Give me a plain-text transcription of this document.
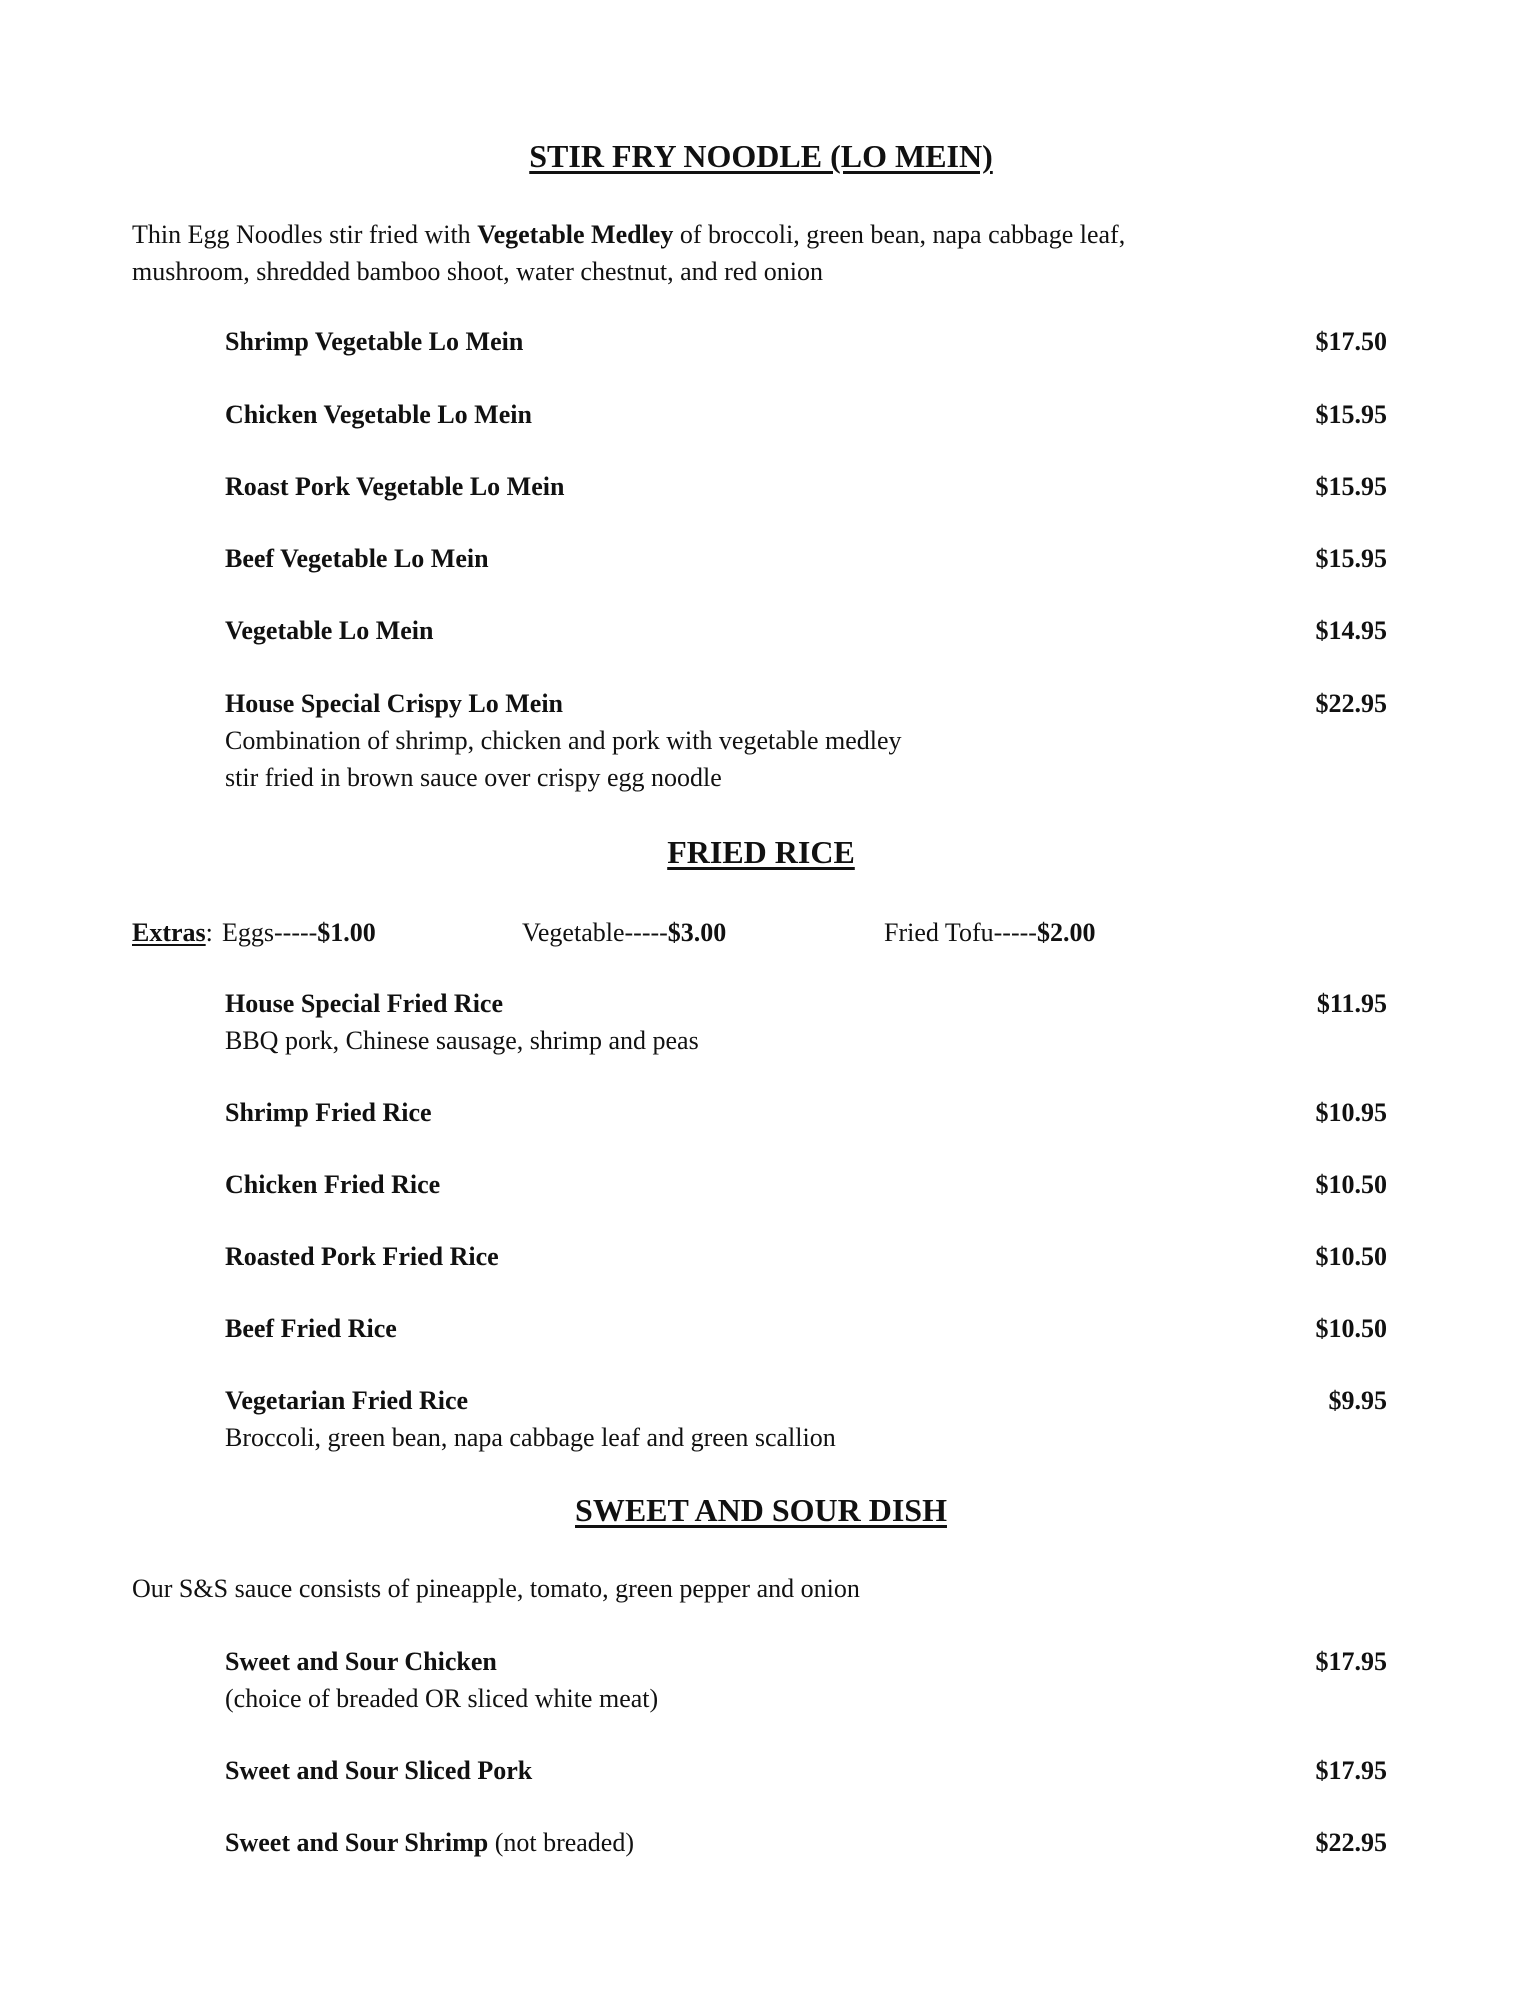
STIR FRY NOODLE (LO MEIN)
Thin Egg Noodles stir fried with Vegetable Medley of broccoli, green bean, napa cabbage leaf,
mushroom, shredded bamboo shoot, water chestnut, and red onion
Shrimp Vegetable Lo Mein	$17.50
Chicken Vegetable Lo Mein	$15.95
Roast Pork Vegetable Lo Mein	$15.95
Beef Vegetable Lo Mein	$15.95
Vegetable Lo Mein	$14.95
House Special Crispy Lo Mein	$22.95
Combination of shrimp, chicken and pork with vegetable medley
stir fried in brown sauce over crispy egg noodle
FRIED RICE
Extras: Eggs-----$1.00	Vegetable-----$3.00	Fried Tofu-----$2.00
House Special Fried Rice	$11.95
BBQ pork, Chinese sausage, shrimp and peas
Shrimp Fried Rice	$10.95
Chicken Fried Rice	$10.50
Roasted Pork Fried Rice	$10.50
Beef Fried Rice	$10.50
Vegetarian Fried Rice	$9.95
Broccoli, green bean, napa cabbage leaf and green scallion
SWEET AND SOUR DISH
Our S&S sauce consists of pineapple, tomato, green pepper and onion
Sweet and Sour Chicken	$17.95
(choice of breaded OR sliced white meat)
Sweet and Sour Sliced Pork	$17.95
Sweet and Sour Shrimp (not breaded)	$22.95
